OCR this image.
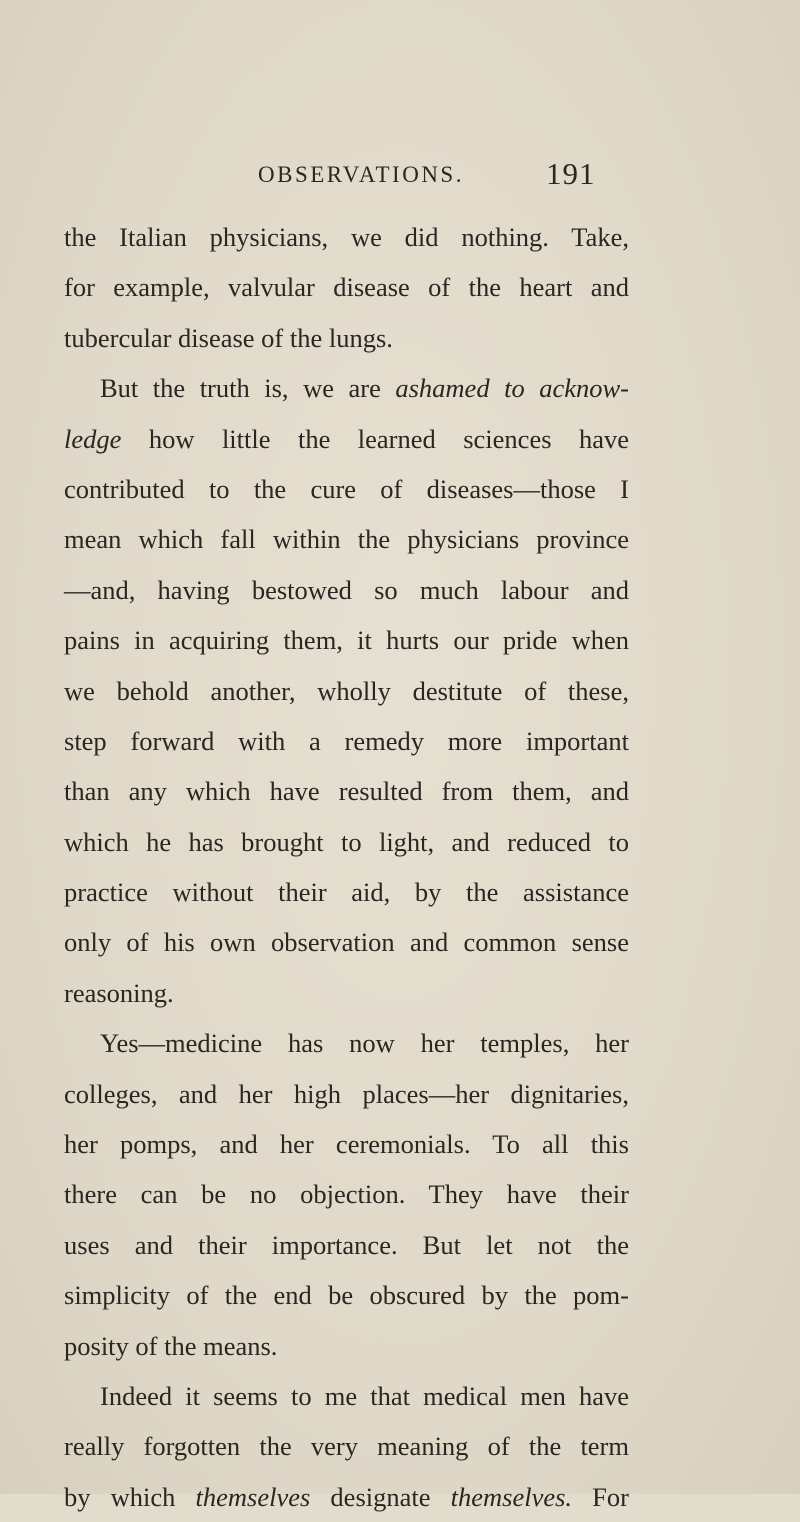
OBSERVATIONS.	191
the Italian physicians, we did nothing. Take,
for example, valvular disease of the heart and
tubercular disease of the lungs.
But the truth is, we are ashamed to acknow-
ledge how little the learned sciences have
contributed to the cure of diseases—those I
mean which fall within the physicians province
—and, having bestowed so much labour and
pains in acquiring them, it hurts our pride when
we behold another, wholly destitute of these,
step forward with a remedy more important
than any which have resulted from them, and
which he has brought to light, and reduced to
practice without their aid, by the assistance
only of his own observation and common sense
reasoning.
Yes—medicine has now her temples, her
colleges, and her high places—her dignitaries,
her pomps, and her ceremonials. To all this
there can be no objection. They have their
uses and their importance. But let not the
simplicity of the end be obscured by the pom-
posity of the means.
Indeed it seems to me that medical men have
really forgotten the very meaning of the term
by which themselves designate themselves. For
